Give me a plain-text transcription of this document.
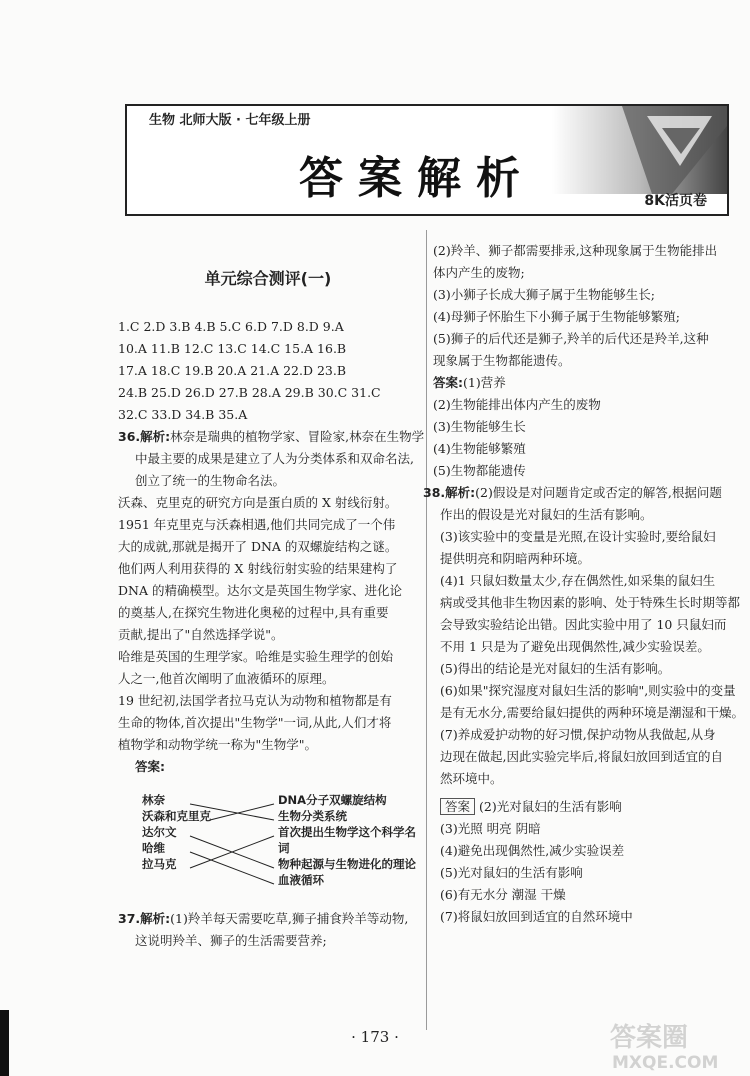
生物 北师大版 · 七年级上册
答案解析	8K活页卷
单元综合测评(一)
1.C 2.D 3.B 4.B 5.C 6.D 7.D 8.D 9.A
10.A 11.B 12.C 13.C 14.C 15.A 16.B
17.A 18.C 19.B 20.A 21.A 22.D 23.B
24.B 25.D 26.D 27.B 28.A 29.B 30.C 31.C
32.C 33.D 34.B 35.A
36.解析:林奈是瑞典的植物学家、冒险家,林奈在生物学
中最主要的成果是建立了人为分类体系和双命名法,
创立了统一的生物命名法。
沃森、克里克的研究方向是蛋白质的 X 射线衍射。
1951 年克里克与沃森相遇,他们共同完成了一个伟
大的成就,那就是揭开了 DNA 的双螺旋结构之谜。
他们两人利用获得的 X 射线衍射实验的结果建构了
DNA 的精确模型。达尔文是英国生物学家、进化论
的奠基人,在探究生物进化奥秘的过程中,具有重要
贡献,提出了"自然选择学说"。
哈维是英国的生理学家。哈维是实验生理学的创始
人之一,他首次阐明了血液循环的原理。
19 世纪初,法国学者拉马克认为动物和植物都是有
生命的物体,首次提出"生物学"一词,从此,人们才将
植物学和动物学统一称为"生物学"。
答案:
林奈
沃森和克里克
达尔文
哈维
拉马克
DNA分子双螺旋结构
生物分类系统
首次提出生物学这个科学名词
物种起源与生物进化的理论
血液循环
37.解析:(1)羚羊每天需要吃草,狮子捕食羚羊等动物,
这说明羚羊、狮子的生活需要营养;
(2)羚羊、狮子都需要排汞,这种现象属于生物能排出
体内产生的废物;
(3)小狮子长成大狮子属于生物能够生长;
(4)母狮子怀胎生下小狮子属于生物能够繁殖;
(5)狮子的后代还是狮子,羚羊的后代还是羚羊,这种
现象属于生物都能遗传。
答案:(1)营养
(2)生物能排出体内产生的废物
(3)生物能够生长
(4)生物能够繁殖
(5)生物都能遗传
38.解析:(2)假设是对问题肯定或否定的解答,根据问题
作出的假设是光对鼠妇的生活有影响。
(3)该实验中的变量是光照,在设计实验时,要给鼠妇
提供明亮和阴暗两种环境。
(4)1 只鼠妇数量太少,存在偶然性,如采集的鼠妇生
病或受其他非生物因素的影响、处于特殊生长时期等都
会导致实验结论出错。因此实验中用了 10 只鼠妇而
不用 1 只是为了避免出现偶然性,减少实验误差。
(5)得出的结论是光对鼠妇的生活有影响。
(6)如果"探究湿度对鼠妇生活的影响",则实验中的变量
是有无水分,需要给鼠妇提供的两种环境是潮湿和干燥。
(7)养成爱护动物的好习惯,保护动物从我做起,从身
边现在做起,因此实验完毕后,将鼠妇放回到适宜的自
然环境中。
答案 (2)光对鼠妇的生活有影响
(3)光照 明亮 阴暗
(4)避免出现偶然性,减少实验误差
(5)光对鼠妇的生活有影响
(6)有无水分 潮湿 干燥
(7)将鼠妇放回到适宜的自然环境中
· 173 ·	答案圈
MXQE.COM
